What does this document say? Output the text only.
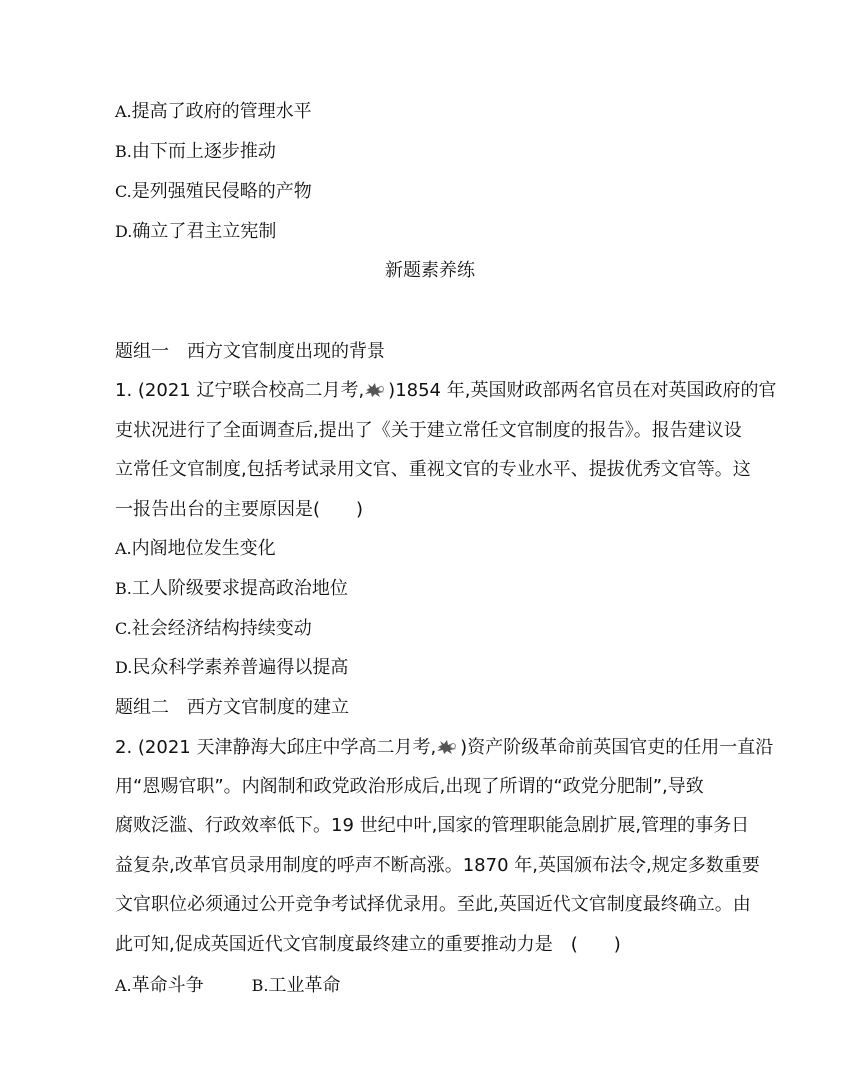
A.提高了政府的管理水平
B.由下而上逐步推动
C.是列强殖民侵略的产物
D.确立了君主立宪制
新题素养练
题组一　西方文官制度出现的背景
1. (2021 辽宁联合校高二月考, )1854 年,英国财政部两名官员在对英国政府的官
吏状况进行了全面调查后,提出了《关于建立常任文官制度的报告》。报告建议设
立常任文官制度,包括考试录用文官、重视文官的专业水平、提拔优秀文官等。这
一报告出台的主要原因是(　　)
A.内阁地位发生变化
B.工人阶级要求提高政治地位
C.社会经济结构持续变动
D.民众科学素养普遍得以提高
题组二　西方文官制度的建立
2. (2021 天津静海大邱庄中学高二月考, )资产阶级革命前英国官吏的任用一直沿
用“恩赐官职”。内阁制和政党政治形成后,出现了所谓的“政党分肥制”,导致
腐败泛滥、行政效率低下。19 世纪中叶,国家的管理职能急剧扩展,管理的事务日
益复杂,改革官员录用制度的呼声不断高涨。1870 年,英国颁布法令,规定多数重要
文官职位必须通过公开竞争考试择优录用。至此,英国近代文官制度最终确立。由
此可知,促成英国近代文官制度最终建立的重要推动力是　(　　)
A.革命斗争	B.工业革命
